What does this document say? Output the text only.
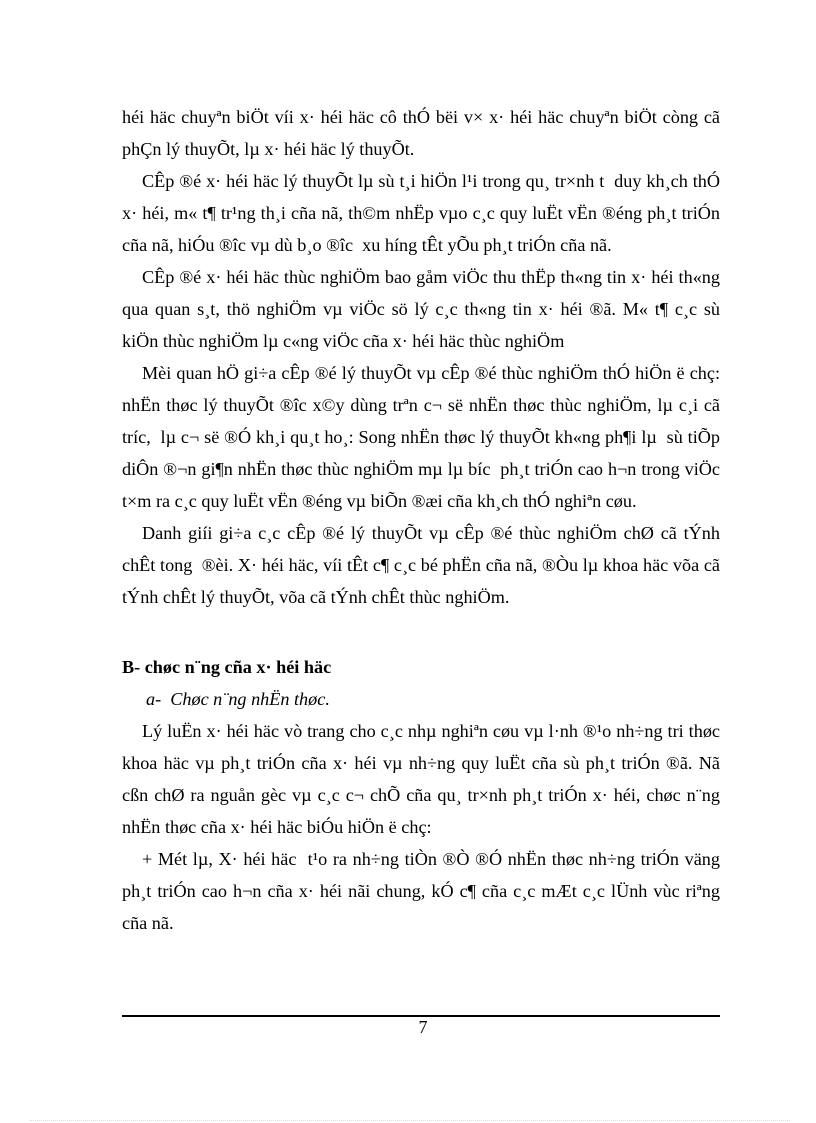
héi häc chuyªn biÖt víi x· héi häc cô thÓ bëi v× x· héi häc chuyªn biÖt còng cã phÇn lý thuyÕt, lµ x· héi häc lý thuyÕt.

CÊp ®é x· héi häc lý thuyÕt lµ sù t¸i hiÖn l¹i trong qu¸ tr×nh t  duy kh¸ch thÓ x· héi, m« t¶ tr¹ng th¸i cña nã, th©m nhËp vµo c¸c quy luËt vËn ®éng ph¸t triÓn cña nã, hiÓu ®îc vµ dù b¸o ®îc  xu híng tÊt yÕu ph¸t triÓn cña nã.

CÊp ®é x· héi häc thùc nghiÖm bao gåm viÖc thu thËp th«ng tin x· héi th«ng qua quan s¸t, thö nghiÖm vµ viÖc sö lý c¸c th«ng tin x· héi ®ã. M« t¶ c¸c sù kiÖn thùc nghiÖm lµ c«ng viÖc cña x· héi häc thùc nghiÖm

Mèi quan hÖ gi÷a cÊp ®é lý thuyÕt vµ cÊp ®é thùc nghiÖm thÓ hiÖn ë chç: nhËn thøc lý thuyÕt ®îc x©y dùng trªn c¬ së nhËn thøc thùc nghiÖm, lµ c¸i cã tríc,  lµ c¬ së ®Ó kh¸i qu¸t ho¸: Song nhËn thøc lý thuyÕt kh«ng ph¶i lµ  sù tiÕp diÔn ®¬n gi¶n nhËn thøc thùc nghiÖm mµ lµ bíc  ph¸t triÓn cao h¬n trong viÖc t×m ra c¸c quy luËt vËn ®éng vµ biÕn ®æi cña kh¸ch thÓ nghiªn cøu.

Danh giíi gi÷a c¸c cÊp ®é lý thuyÕt vµ cÊp ®é thùc nghiÖm chØ cã tÝnh chÊt tong  ®èi. X· héi häc, víi tÊt c¶ c¸c bé phËn cña nã, ®Òu lµ khoa häc võa cã tÝnh chÊt lý thuyÕt, võa cã tÝnh chÊt thùc nghiÖm.

B- chøc n¨ng cña x· héi häc

a-  Chøc n¨ng nhËn thøc.

Lý luËn x· héi häc vò trang cho c¸c nhµ nghiªn cøu vµ l·nh ®¹o nh÷ng tri thøc khoa häc vµ ph¸t triÓn cña x· héi vµ nh÷ng quy luËt cña sù ph¸t triÓn ®ã. Nã cßn chØ ra nguån gèc vµ c¸c c¬ chÕ cña qu¸ tr×nh ph¸t triÓn x· héi, chøc n¨ng nhËn thøc cña x· héi häc biÓu hiÖn ë chç:

+ Mét lµ, X· héi häc  t¹o ra nh÷ng tiÒn ®Ò ®Ó nhËn thøc nh÷ng triÓn väng ph¸t triÓn cao h¬n cña x· héi nãi chung, kÓ c¶ cña c¸c mÆt c¸c lÜnh vùc riªng cña nã.

7
